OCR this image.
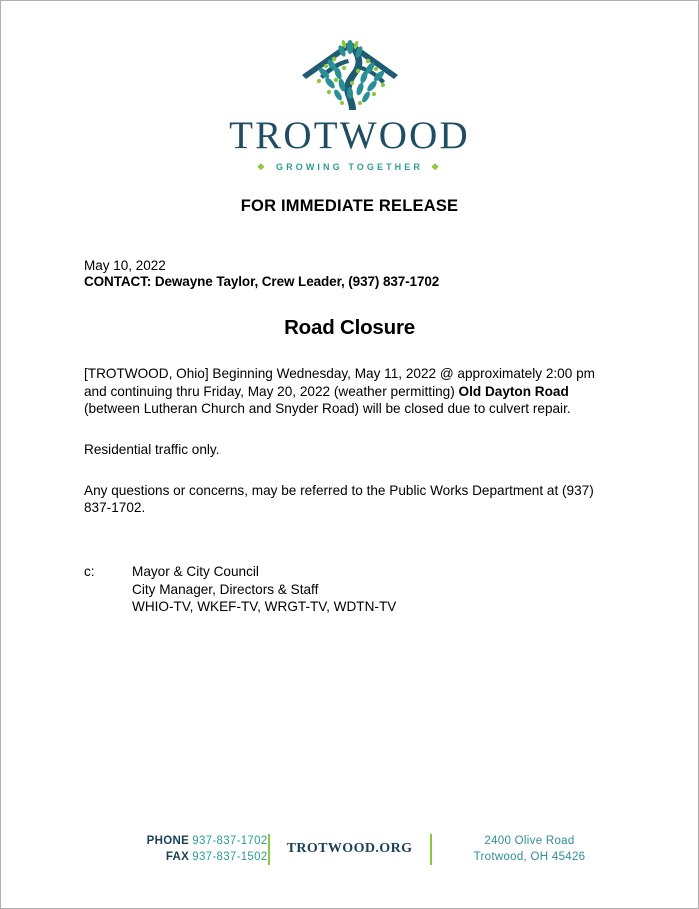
TROTWOOD
❖ GROWING TOGETHER ❖
FOR IMMEDIATE RELEASE
May 10, 2022
CONTACT: Dewayne Taylor, Crew Leader, (937) 837-1702
Road Closure

[TROTWOOD, Ohio] Beginning Wednesday, May 11, 2022 @ approximately 2:00 pm and continuing thru Friday, May 20, 2022 (weather permitting) Old Dayton Road (between Lutheran Church and Snyder Road) will be closed due to culvert repair.

Residential traffic only.

Any questions or concerns, may be referred to the Public Works Department at (937) 837-1702.

c:	Mayor & City Council
City Manager, Directors & Staff
WHIO-TV, WKEF-TV, WRGT-TV, WDTN-TV
PHONE 937-837-1702
FAX 937-837-1502
TROTWOOD.ORG
2400 Olive Road
Trotwood, OH 45426
